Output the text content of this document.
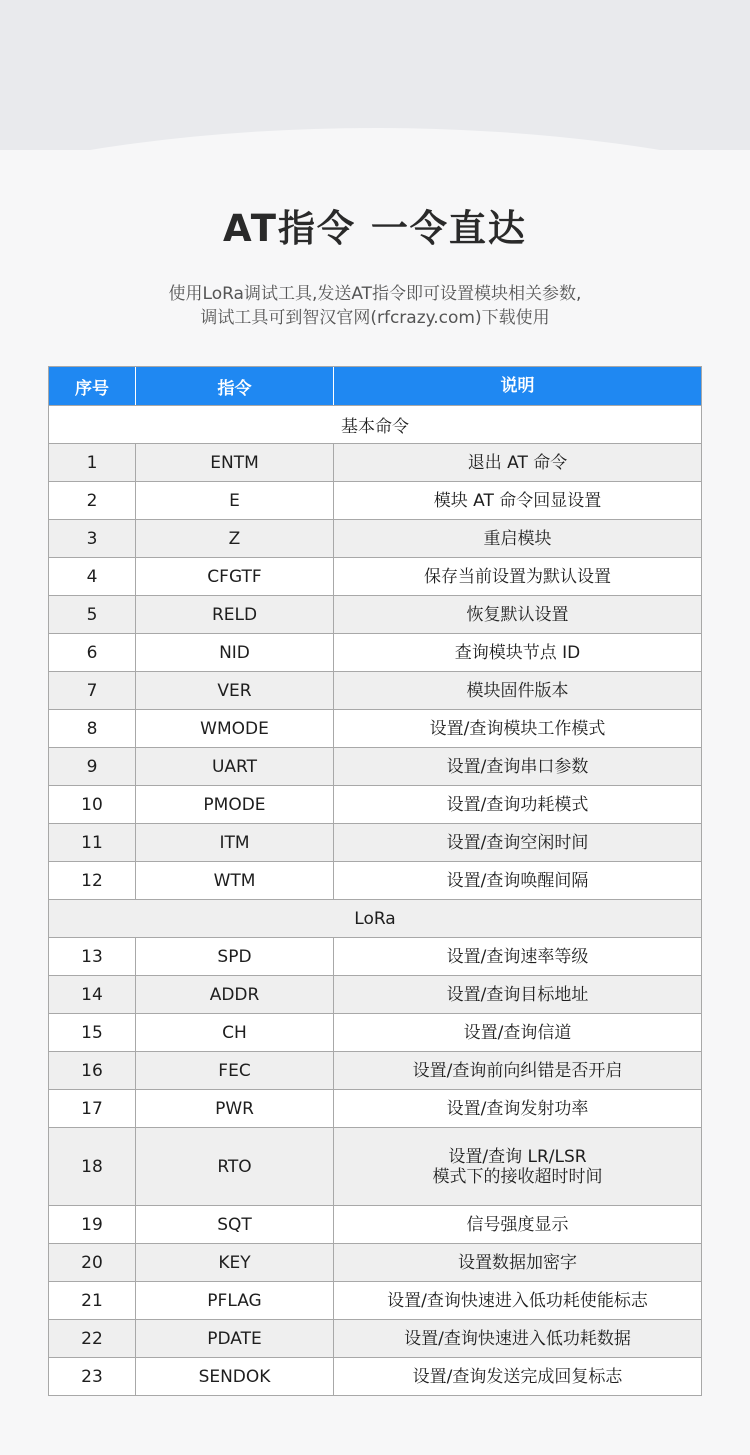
AT指令 一令直达
使用LoRa调试工具,发送AT指令即可设置模块相关参数,
调试工具可到智汉官网(rfcrazy.com)下载使用
序号	指令	说明
基本命令
1	ENTM	退出 AT 命令
2	E	模块 AT 命令回显设置
3	Z	重启模块
4	CFGTF	保存当前设置为默认设置
5	RELD	恢复默认设置
6	NID	查询模块节点 ID
7	VER	模块固件版本
8	WMODE	设置/查询模块工作模式
9	UART	设置/查询串口参数
10	PMODE	设置/查询功耗模式
11	ITM	设置/查询空闲时间
12	WTM	设置/查询唤醒间隔
LoRa
13	SPD	设置/查询速率等级
14	ADDR	设置/查询目标地址
15	CH	设置/查询信道
16	FEC	设置/查询前向纠错是否开启
17	PWR	设置/查询发射功率
18	RTO	设置/查询 LR/LSR
模式下的接收超时时间
19	SQT	信号强度显示
20	KEY	设置数据加密字
21	PFLAG	设置/查询快速进入低功耗使能标志
22	PDATE	设置/查询快速进入低功耗数据
23	SENDOK	设置/查询发送完成回复标志
